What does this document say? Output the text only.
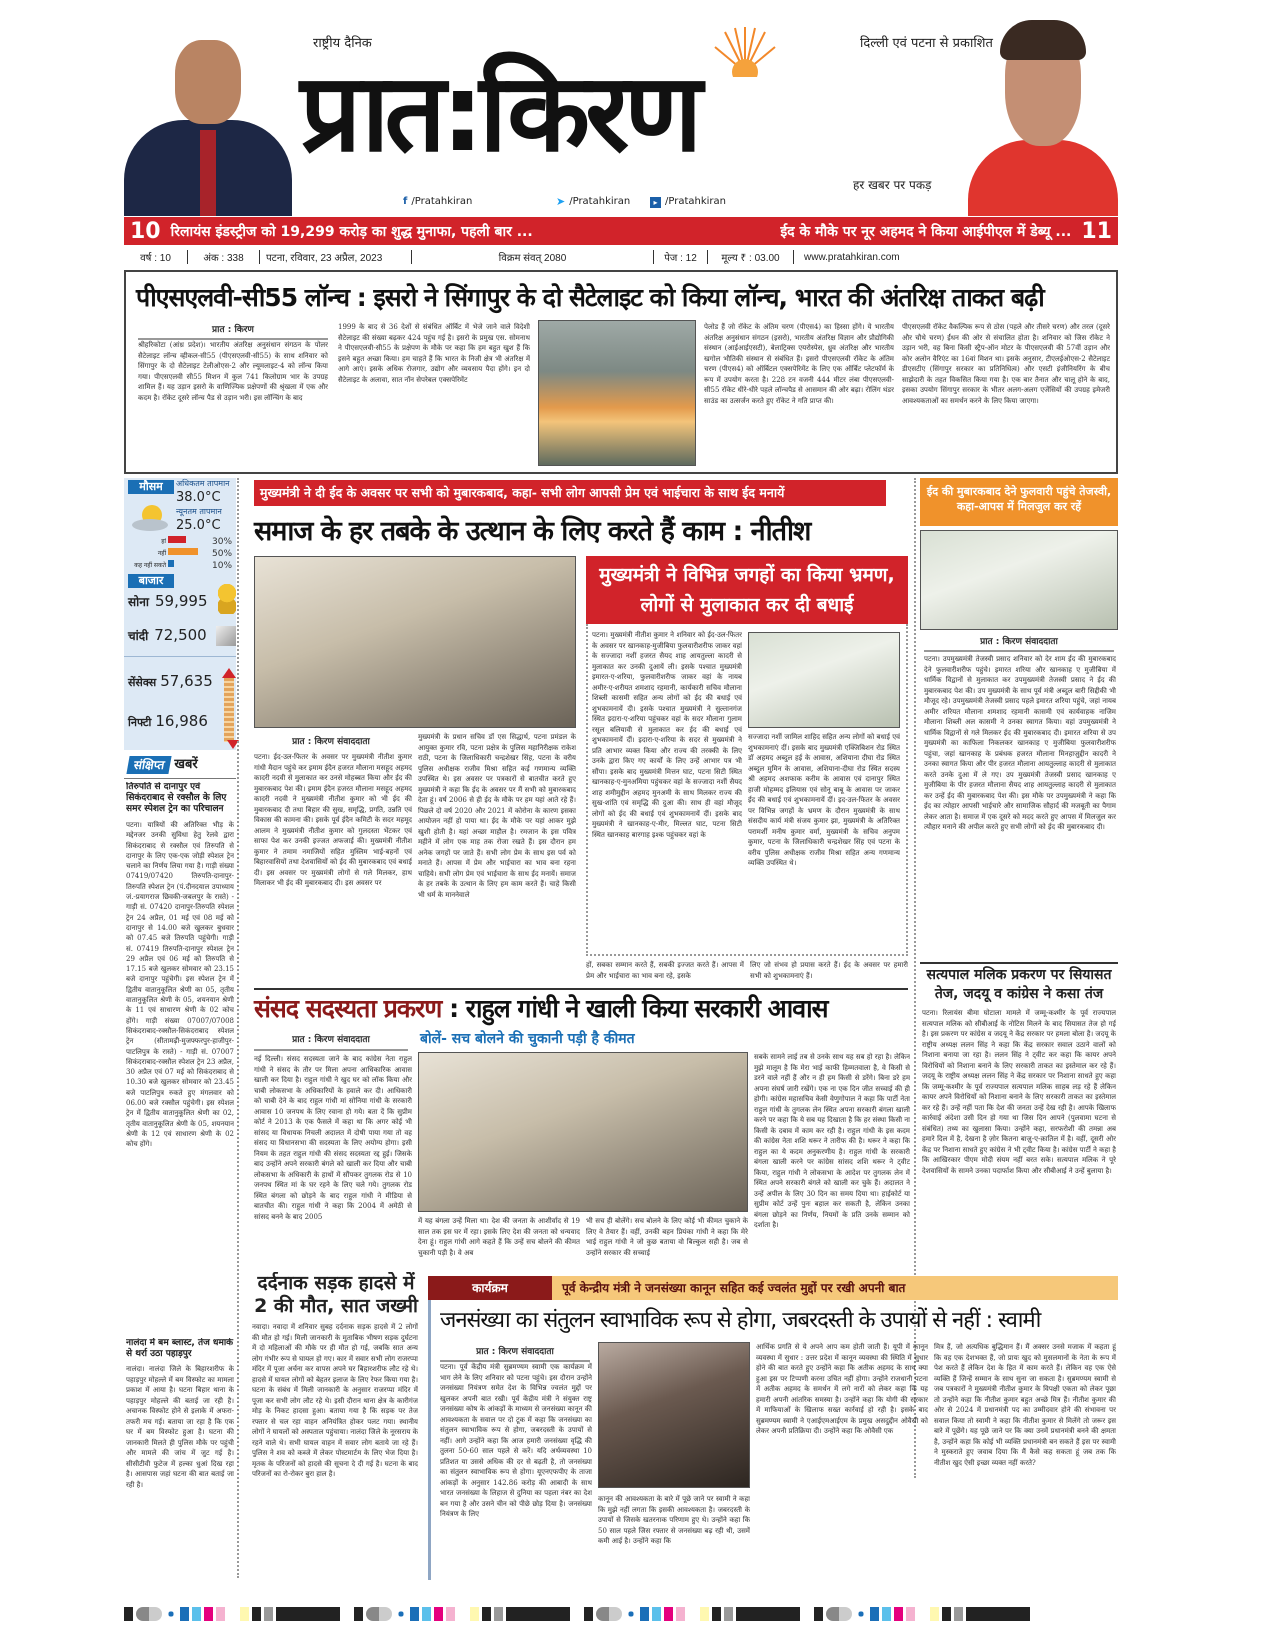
राष्ट्रीय दैनिक	दिल्ली एवं पटना से प्रकाशित
प्रात:किरण
हर खबर पर पकड़
f /Pratahkiran	➤ /Pratahkiran	▸ /Pratahkiran
10 रिलायंस इंडस्ट्रीज को 19,299 करोड़ का शुद्ध मुनाफा, पहली बार ...	ईद के मौके पर नूर अहमद ने किया आईपीएल में डेब्यू ... 11
वर्ष : 10	अंक : 338	पटना, रविवार, 23 अप्रैल, 2023	विक्रम संवत् 2080	पेज : 12	मूल्य ₹ : 03.00	www.pratahkiran.com
पीएसएलवी-सी55 लॉन्च : इसरो ने सिंगापुर के दो सैटेलाइट को किया लॉन्च, भारत की अंतरिक्ष ताकत बढ़ी
प्रात : किरण
श्रीहरिकोटा (आंध्र प्रदेश)। भारतीय अंतरिक्ष अनुसंधान संगठन के पोलर सैटेलाइट लॉन्च व्हीकल-सी55 (पीएसएलवी-सी55) के साथ शनिवार को सिंगापुर के दो सैटेलाइट टेलीओएस-2 और ल्यूमलाइट-4 को लॉन्च किया गया। पीएसएलवी सी55 मिशन में कुल 741 किलोग्राम भार के उपग्रह शामिल हैं। यह उड़ान इसरो के वाणिज्यिक प्रक्षेपणों की श्रृंखला में एक और कदम है। रॉकेट दूसरे लॉन्च पैड से उड़ान भरी। इस लॉन्चिंग के बाद
1999 के बाद से 36 देशों से संबंधित ऑर्बिट में भेजे जाने वाले विदेशी सैटेलाइट की संख्या बढ़कर 424 पहुंच गई है। इसरो के प्रमुख एस. सोमनाथ ने पीएसएलवी-सी55 के प्रक्षेपण के मौके पर कहा कि हम बहुत खुश हैं कि इसने बहुत अच्छा किया। हम चाहते हैं कि भारत के निजी क्षेत्र भी अंतरिक्ष में आगे आएं। इसके अधिक रोजगार, उद्योग और व्यवसाय पैदा होंगे। इन दो सैटेलाइट के अलावा, सात नॉन सेपरेबल एक्सपेरिमेंट
पेलोड हैं जो रॉकेट के अंतिम चरण (पीएस4) का हिस्सा होंगे। ये भारतीय अंतरिक्ष अनुसंधान संगठन (इसरो), भारतीय अंतरिक्ष विज्ञान और प्रौद्योगिकी संस्थान (आईआईएसटी), बेलाट्रिक्स एयरोस्पेस, ध्रुव अंतरिक्ष और भारतीय खगोल भौतिकी संस्थान से संबंधित हैं। इसरो पीएसएलवी रॉकेट के अंतिम चरण (पीएस4) को ऑर्बिटल एक्सपेरिमेंट के लिए एक ऑर्बिट प्लेटफॉर्म के रूप में उपयोग करता है। 228 टन वजनी 444 मीटर लंबा पीएसएलवी-सी55 रॉकेट धीरे-धीरे पहले लॉन्चपैड से आसमान की ओर बढ़ा। रोलिंग थंडर साउंड का उत्सर्जन करते हुए रॉकेट ने गति प्राप्त की।
पीएसएलवी रॉकेट वैकल्पिक रूप से ठोस (पहले और तीसरे चरण) और तरल (दूसरे और चौथे चरण) ईंधन की ओर से संचालित होता है। शनिवार को जिस रॉकेट ने उड़ान भरी, वह बिना किसी स्ट्रैप-ऑन मोटर के पीएसएलवी की 57वीं उड़ान और कोर अलोन वैरिएंट का 16वां मिशन था। इसके अनुसार, टीएलईओएस-2 सैटेलाइट डीएसटीए (सिंगापुर सरकार का प्रतिनिधित्व) और एसटी इंजीनियरिंग के बीच साझेदारी के तहत विकसित किया गया है। एक बार तैनात और चालू होने के बाद, इसका उपयोग सिंगापुर सरकार के भीतर अलग-अलग एजेंसियों की उपग्रह इमेजरी आवश्यकताओं का समर्थन करने के लिए किया जाएगा।
मौसम	अधिकतम तापमान
38.0°C
न्यूनतम तापमान
25.0°C
हां	30%
नहीं	50%
कह नहीं सकते	10%
बाजार
सोना 59,995
चांदी 72,500
सेंसेक्स 57,635
निफ्टी 16,986
संक्षिप्त खबरें
तिरुपति से दानापुर एवं सिकंदराबाद से रक्सौल के लिए समर स्पेशल ट्रेन का परिचालन
पटना। यात्रियों की अतिरिक्त भीड़ के मद्देनजर उनकी सुविधा हेतु रेलवे द्वारा सिकंदराबाद से रक्सौल एवं तिरुपति से दानापुर के लिए एक-एक जोड़ी स्पेशल ट्रेन चलाने का निर्णय लिया गया है। गाड़ी संख्या 07419/07420 तिरुपति-दानापुर-तिरुपति स्पेशल ट्रेन (पं.दीनदयाल उपाध्याय जं.-प्रयागराज छिवकी-जबलपुर के रास्ते) - गाड़ी सं. 07420 दानापुर-तिरुपति स्पेशल ट्रेन 24 अप्रैल, 01 मई एवं 08 मई को दानापुर से 14.00 बजे खुलकर बुधवार को 07.45 बजे तिरुपति पहुंचेगी। गाड़ी सं. 07419 तिरुपति-दानापुर स्पेशल ट्रेन 29 अप्रैल एवं 06 मई को तिरुपति से 17.15 बजे खुलकर सोमवार को 23.15 बजे दानापुर पहुंचेगी। इस स्पेशल ट्रेन में द्वितीय वातानुकूलित श्रेणी का 05, तृतीय वातानुकूलित श्रेणी के 05, शयनयान श्रेणी के 11 एवं साधारण श्रेणी के 02 कोच होंगे। गाड़ी संख्या 07007/07008 सिकंदराबाद-रक्सौल-सिकंदराबाद स्पेशल ट्रेन (सीतामढ़ी-मुजफ्फरपुर-हाजीपुर-पाटलिपुत्र के रास्ते) - गाड़ी सं. 07007 सिकंदराबाद-रक्सौल स्पेशल ट्रेन 23 अप्रैल, 30 अप्रैल एवं 07 मई को सिकंदराबाद से 10.30 बजे खुलकर सोमवार को 23.45 बजे पाटलिपुत्र रुकते हुए मंगलवार को 06.00 बजे रक्सौल पहुंचेगी। इस स्पेशल ट्रेन में द्वितीय वातानुकूलित श्रेणी का 02, तृतीय वातानुकूलित श्रेणी के 05, शयनयान श्रेणी के 12 एवं साधारण श्रेणी के 02 कोच होंगे।
नालंदा में बम ब्लास्ट, तेज धमाके से थर्रा उठा पहाड़पुर
नालंदा। नालंदा जिले के बिहारशरीफ के पहाड़पुर मोहल्ले में बम विस्फोट का मामला प्रकाश में आया है। घटना बिहार थाना के पहाड़पुर मोहल्ले की बताई जा रही है। अचानक विस्फोट होने से इलाके में अफरा-तफरी मच गई। बताया जा रहा है कि एक घर में बम विस्फोट हुआ है। घटना की जानकारी मिलते ही पुलिस मौके पर पहुंची और मामले की जांच में जुट गई है। सीसीटीवी फुटेज में हल्का धुआं दिख रहा है। आसपास जहां घटना की बात बताई जा रही है।
मुख्यमंत्री ने दी ईद के अवसर पर सभी को मुबारकबाद, कहा- सभी लोग आपसी प्रेम एवं भाईचारा के साथ ईद मनायें
समाज के हर तबके के उत्थान के लिए करते हैं काम : नीतीश
प्रात : किरण संवाददाता
पटना। ईद-उल-फितर के अवसर पर मुख्यमंत्री नीतीश कुमार गांधी मैदान पहुंचे कर इमाम ईदैन हजरत मौलाना मसहूद अहमद कादरी नदवी से मुलाकात कर उनसे मोहब्बत किया और ईद की मुबारकबाद पेश की। इमाम ईदैन हजरत मौलाना मसहूद अहमद कादरी नदवी ने मुख्यमंत्री नीतीश कुमार को भी ईद की मुबारकबाद दी तथा बिहार की सुख, समृद्धि, प्रगति, उन्नति एवं विकास की कामना की। इसके पूर्व ईदैन कमिटी के सदर महमूद आलम ने मुख्यमंत्री नीतीश कुमार को गुलदस्ता भेंटकर एवं साफा पेश कर उनकी इज्जत अफजाई की। मुख्यमंत्री नीतीश कुमार ने तमाम नमाजियों सहित मुस्लिम भाई-बहनों एवं बिहारवासियों तथा देशवासियों को ईद की मुबारकबाद एवं बधाई दी। इस अवसर पर मुख्यमंत्री लोगों से गले मिलकर, हाथ मिलाकर भी ईद की मुबारकबाद दी। इस अवसर पर
मुख्यमंत्री के प्रधान सचिव डॉ एस सिद्धार्थ, पटना प्रमंडल के आयुक्त कुमार रवि, पटना प्रक्षेत्र के पुलिस महानिरीक्षक राकेश राठी, पटना के जिलाधिकारी चन्द्रशेखर सिंह, पटना के वरीय पुलिस अधीक्षक राजीव मिश्रा सहित कई गणमान्य व्यक्ति उपस्थित थे। इस अवसर पर पत्रकारों से बातचीत करते हुए मुख्यमंत्री ने कहा कि ईद के अवसर पर मैं सभी को मुबारकबाद देता हूं। वर्ष 2006 से ही ईद के मौके पर हम यहां आते रहे हैं। पिछले दो वर्ष 2020 और 2021 में कोरोना के कारण इसका आयोजन नहीं हो पाया था। ईद के मौके पर यहां आकर मुझे खुशी होती है। यहां अच्छा माहौल है। रमजान के इस पवित्र महीने में लोग एक माह तक रोजा रखते हैं। इस दौरान हम अनेक जगहों पर जाते हैं। सभी लोग प्रेम के साथ इस पर्व को मनाते हैं। आपस में प्रेम और भाईचारा का भाव बना रहना चाहिये। सभी लोग प्रेम एवं भाईचारा के साथ ईद मनायें। समाज के हर तबके के उत्थान के लिए हम काम करते हैं। चाहे किसी भी धर्म के माननेवाले
मुख्यमंत्री ने विभिन्न जगहों का किया भ्रमण, लोगों से मुलाकात कर दी बधाई
पटना। मुख्यमंत्री नीतीश कुमार ने शनिवार को ईद-उल-फितर के अवसर पर खानकाह-मुजीबिया फुलवारीशरीफ जाकर वहां के सज्जादा नशीं हजरत सैयद शाह आयतुल्ला कादरी से मुलाकात कर उनकी दुआयें ली। इसके पश्चात मुख्यमंत्री इमारत-ए-शरिया, फुलवारीशरीफ जाकर वहां के नायब अमीर-ए-शरीयत शमशाद रहमानी, कार्यकारी सचिव मौलाना शिब्ली कासमी सहित अन्य लोगों को ईद की बधाई एवं शुभकामनायें दी। इसके पश्चात मुख्यमंत्री ने सुल्तानगंज स्थित इदारा-ए-शरिया पहुंचकर वहां के सदर मौलाना गुलाम रसूल बलियावी से मुलाकात कर ईद की बधाई एवं शुभकामनायें दीं। इदारा-ए-शरिया के सदर से मुख्यमंत्री ने प्रति आभार व्यक्त किया और राज्य की तरक्की के लिए उनके द्वारा किए गए कार्यों के लिए उन्हें आभार पत्र भी सौंपा। इसके बाद मुख्यमंत्री मित्तन घाट, पटना सिटी स्थित खानकाह-ए-मुनअमिया पहुंचकर वहां के सज्जादा नशीं सैयद शाह शमीमुद्दीन अहमद मुनअमी के साथ मिलकर राज्य की सुख-शांति एवं समृद्धि की दुआ की। साथ ही वहां मौजूद लोगों को ईद की बधाई एवं शुभकामनायें दीं। इसके बाद मुख्यमंत्री ने खानकाह-ए-मीर, मिल्लत घाट, पटना सिटी स्थित खानकाह बारगाह इश्क पहुंचकर वहां के
सज्जादा नशीं जामिल शाहिद सहित अन्य लोगों को बधाई एवं शुभकामनाएं दीं। इसके बाद मुख्यमंत्री एक्जिबिशन रोड स्थित डॉ अहमद अब्दुल हई के आवास, अशियाना दीघा रोड स्थित अब्दुल मुमिन के आवास, अशियाना-दीघा रोड स्थित सदस्य श्री अहमद अशफाक करीम के आवास एवं दानापुर स्थित हाजी मोहम्मद इलियास एवं सोनू बाबू के आवास पर जाकर ईद की बधाई एवं शुभकामनायें दीं। इद-उल-फितर के अवसर पर विभिन्न जगहों के भ्रमण के दौरान मुख्यमंत्री के साथ संसदीय कार्य मंत्री संजय कुमार झा, मुख्यमंत्री के अतिरिक्त परामर्शी मनीष कुमार वर्मा, मुख्यमंत्री के सचिव अनुपम कुमार, पटना के जिलाधिकारी चन्द्रशेखर सिंह एवं पटना के वरीय पुलिस अधीक्षक राजीव मिश्रा सहित अन्य गणमान्य व्यक्ति उपस्थित थे।
हों, सबका सम्मान करते हैं, सबकी इज्जत करते हैं। आपस में प्रेम और भाईचारा का भाव बना रहे, इसके
लिए जो संभव हो प्रयास करते हैं। ईद के अवसर पर हमारी सभी को शुभकामनाएं हैं।
ईद की मुबारकबाद देने फुलवारी पहुंचे तेजस्वी, कहा-आपस में मिलजुल कर रहें
प्रात : किरण संवाददाता
पटना। उपमुख्यमंत्री तेजस्वी प्रसाद शनिवार को देर शाम ईद की मुबारकबाद देने फुलवारीशरीफ पहुंचे। इमारत शरिया और खानकाह ए मुजीबिया में धार्मिक विद्वानों से मुलाकात कर उपमुख्यमंत्री तेजस्वी प्रसाद ने ईद की मुबारकबाद पेश की। उप मुख्यमंत्री के साथ पूर्व मंत्री अब्दुल बारी सिद्दीकी भी मौजूद रहे। उपमुख्यमंत्री तेजस्वी प्रसाद पहले इमारत शरिया पहुंचे, जहां नायब अमीर शरियत मौलाना शमशाद रहमानी कासमी एवं कार्यवाहक नाजिम मौलाना शिब्ली अल कासमी ने उनका स्वागत किया। वहां उपमुख्यमंत्री ने धार्मिक विद्वानों से गले मिलकर ईद की मुबारकबाद दी। इमारत शरिया से उप मुख्यमंत्री का काफिला निकलकर खानकाह ए मुजीबिया फुलवारीशरीफ पहुंचा, जहां खानकाह के प्रबंधक हजरत मौलाना मिनहाजुद्दीन कादरी ने उनका स्वागत किया और पीर हजरत मौलाना आयतुल्लाह कादरी से मुलाकात करते उनके दुआ में ले गए। उप मुख्यमंत्री तेजस्वी प्रसाद खानकाह ए मुजीबिया के पीर हजरत मौलाना सैयद शाह आयतुल्लाह कादरी से मुलाकात कर उन्हें ईद की मुबारकबाद पेश की। इस मौके पर उपमुख्यमंत्री ने कहा कि ईद का त्योहार आपसी भाईचारे और सामाजिक सौहार्द की मजबूती का पैगाम लेकर आता है। समाज में एक दूसरे को मदद करते हुए आपस में मिलजुल कर त्यौहार मनाने की अपील करते हुए सभी लोगों को ईद की मुबारकबाद दी।
संसद सदस्यता प्रकरण : राहुल गांधी ने खाली किया सरकारी आवास
बोलें- सच बोलने की चुकानी पड़ी है कीमत
प्रात : किरण संवाददाता
नई दिल्ली। संसद सदस्यता जाने के बाद कांग्रेस नेता राहुल गांधी ने संसद के तौर पर मिला अपना आधिकारिक आवास खाली कर दिया है। राहुल गांधी ने खुद घर को लॉक किया और चाबी लोकसभा के अधिकारियों के हवाले कर दी। आधिकारी को चाबी देने के बाद राहुल गांधी मां सोनिया गांधी के सरकारी आवास 10 जनपथ के लिए रवाना हो गये। बता दें कि सुप्रीम कोर्ट ने 2013 के एक फैसले में कहा था कि अगर कोई भी सांसद या विधायक निचली अदालत में दोषी पाया गया तो वह संसद या विधानसभा की सदस्यता के लिए अयोग्य होगा। इसी नियम के तहत राहुल गांधी की संसद सदस्यता रद्द हुई। जिसके बाद उन्होंने अपने सरकारी बंगले को खाली कर दिया और चाबी लोकसभा के अधिकारी के हाथों में सौंपकर तुगलक रोड से 10 जनपथ स्थित मां के घर रहने के लिए चले गये। तुगलक रोड स्थित बंगला को छोड़ने के बाद राहुल गांधी ने मीडिया से बातचीत की। राहुल गांधी ने कहा कि 2004 में अमेठी से सांसद बनने के बाद 2005
में यह बंगला उन्हें मिला था। देश की जनता के आशीर्वाद से 19 साल तक इस घर में रहा। इसके लिए देश की जनता को धन्यवाद देना हूं। राहुल गांधी आगे कहते हैं कि उन्हें सच बोलने की कीमत चुकानी पड़ी है। वे अब
भी सच ही बोलेंगे। सच बोलने के लिए कोई भी कीमत चुकाने के लिए वे तैयार हैं। वहीं, उनकी बहन प्रियंका गांधी ने कहा कि मेरे भाई राहुल गांधी ने जो कुछ बताया वो बिल्कुल सही है। जब से उन्होंने सरकार की सच्चाई
सबके सामने लाई तब से उनके साथ यह सब हो रहा है। लेकिन मुझे मालूम है कि मेरा भाई काफी हिम्मतवाला है, वे किसी से डरने वाले नहीं हैं और न ही हम किसी से डरेंगे। बिना डरे हम अपना संघर्ष जारी रखेंगे। एक ना एक दिन जीत सच्चाई की ही होगी। कांग्रेस महासचिव केसी वेणुगोपाल ने कहा कि पार्टी नेता राहुल गांधी के तुगलक लेन स्थित अपना सरकारी बंगला खाली करने पर कहा कि ये सब यह दिखाता है कि हर संस्था किसी ना किसी के दबाव में काम कर रही है। राहुल गांधी के इस कदम की कांग्रेस नेता शशि थरूर ने तारीफ की है। थरूर ने कहा कि राहुल का ये कदम अनुकरणीय है। राहुल गांधी के सरकारी बंगला खाली करने पर कांग्रेस सांसद शशि थरूर ने ट्वीट किया, राहुल गांधी ने लोकसभा के आदेश पर तुगलक लेन में स्थित अपने सरकारी बंगले को खाली कर चुके हैं। अदालत ने उन्हें अपील के लिए 30 दिन का समय दिया था। हाईकोर्ट या सुप्रीम कोर्ट उन्हें पुनः बहाल कर सकती है, लेकिन उनका बंगला छोड़ने का निर्णय, नियमों के प्रति उनके सम्मान को दर्शाता है।
सत्यपाल मलिक प्रकरण पर सियासत तेज, जदयू व कांग्रेस ने कसा तंज
पटना। रिलायंस बीमा घोटाला मामले में जम्मू-कश्मीर के पूर्व राज्यपाल सत्यपाल मलिक को सीबीआई के नोटिस मिलने के बाद सियासत तेज हो गई है। इस प्रकरण पर कांग्रेस व जदयू ने केंद्र सरकार पर हमला बोला है। जदयू के राष्ट्रीय अध्यक्ष ललन सिंह ने कहा कि केंद्र सरकार सवाल उठाने वालों को निशाना बनाया जा रहा है। ललन सिंह ने ट्वीट कर कहा कि कायर अपने विरोधियों को निशाना बनाने के लिए सरकारी ताकत का इस्तेमाल कर रहे हैं। जदयू के राष्ट्रीय अध्यक्ष ललन सिंह ने केंद्र सरकार पर निशाना साधते हुए कहा कि जम्मू-कश्मीर के पूर्व राज्यपाल सत्यपाल मलिक साहब लड़ रहे हैं लेकिन कायर अपने विरोधियों को निशाना बनाने के लिए सरकारी ताकत का इस्तेमाल कर रहे हैं। उन्हें नहीं पता कि देश की जनता उन्हें देख रही है। आपके खिलाफ कार्रवाई अंदेशा उसी दिन हो गया था जिस दिन आपने (पुलवामा घटना से संबंधित) तथ्य का खुलासा किया। उन्होंने कहा, सरफरोशी की तमन्ना अब हमारे दिल में है, देखना है ज़ोर कितना बाज़ु-ए-क़ातिल में है। वहीं, दूसरी ओर केंद्र पर निशाना साधते हुए कांग्रेस ने भी ट्वीट किया है। कांग्रेस पार्टी ने कहा है कि आखिरकार पीएम मोदी संयम नहीं बरत सके। सत्यपाल मलिक ने पूरे देशवासियों के सामने उनका पदार्फाश किया और सीबीआई ने उन्हें बुलाया है।
दर्दनाक सड़क हादसे में 2 की मौत, सात जख्मी
नवादा। नवादा में शनिवार सुबह दर्दनाक सड़क हादसे में 2 लोगों की मौत हो गई। मिली जानकारी के मुताबिक भीषण सड़क दुर्घटना में दो महिलाओं की मौके पर ही मौत हो गई, जबकि सात अन्य लोग गंभीर रूप से घायल हो गए। कार में सवार सभी लोग राजरप्पा मंदिर में पूजा अर्चना कर वापस अपने घर बिहारशरीफ लौट रहे थे। हादसे में घायल लोगों को बेहतर इलाज के लिए रेफर किया गया है। घटना के संबंध में मिली जानकारी के अनुसार राजरप्पा मंदिर में पूजा कर सभी लोग लौट रहे थे। इसी दौरान थाना क्षेत्र के कारीगंज मोड़ के निकट हादसा हुआ। बताया गया है कि सड़क पर तेज रफ्तार से चल रहा वाहन अनियंत्रित होकर पलट गया। स्थानीय लोगों ने घायलों को अस्पताल पहुंचाया। नालंदा जिले के नूरसराय के रहने वाले थे। सभी घायल वाहन में सवार लोग बताये जा रहे हैं। पुलिस ने शव को कब्जे में लेकर पोस्टमार्टम के लिए भेज दिया है। मृतक के परिजनों को हादसे की सूचना दे दी गई है। घटना के बाद परिजनों का रो-रोकर बुरा हाल है।
कार्यक्रम	पूर्व केन्द्रीय मंत्री ने जनसंख्या कानून सहित कई ज्वलंत मुद्दों पर रखी अपनी बात
जनसंख्या का संतुलन स्वाभाविक रूप से होगा, जबरदस्ती के उपायों से नहीं : स्वामी
प्रात : किरण संवाददाता
पटना। पूर्व केंद्रीय मंत्री सुब्रमण्यम स्वामी एक कार्यक्रम में भाग लेने के लिए शनिवार को पटना पहुंचे। इस दौरान उन्होंने जनसंख्या नियंत्रण समेत देश के विभिन्न ज्वलंत मुद्दों पर खुलकर अपनी बात रखी। पूर्व केंद्रीय मंत्री ने संयुक्त राष्ट्र जनसंख्या कोष के आंकड़ों के माध्यम से जनसंख्या कानून की आवश्यकता के सवाल पर दो टूक में कहा कि जनसंख्या का संतुलन स्वाभाविक रूप से होगा, जबरदस्ती के उपायों से नहीं। आगे उन्होंने कहा कि आज हमारी जनसंख्या वृद्धि की तुलना 50-60 साल पहले से करें। यदि अर्थव्यवस्था 10 प्रतिशत या उससे अधिक की दर से बढ़ती है, तो जनसंख्या का संतुलन स्वाभाविक रूप से होगा। यूएनएफपीए के ताजा आंकड़ों के अनुसार 142.86 करोड़ की आबादी के साथ भारत जनसंख्या के लिहाज से दुनिया का पहला नंबर का देश बन गया है और उसने चीन को पीछे छोड़ दिया है। जनसंख्या नियंत्रण के लिए
कानून की आवश्यकता के बारे में पूछे जाने पर स्वामी ने कहा कि मुझे नहीं लगता कि इसकी आवश्यकता है। जबरदस्ती के उपायों से जिसके खतरनाक परिणाम हुए थे। उन्होंने कहा कि 50 साल पहले जिस रफ्तार से जनसंख्या बढ़ रही थी, उसमें कमी आई है। उन्होंने कहा कि
आर्थिक प्रगति से ये अपने आप कम होती जाती हैं। यूपी में कानून व्यवस्था में सुधार : उत्तर प्रदेश में कानून व्यवस्था की स्थिति में सुधार होने की बात करते हुए उन्होंने कहा कि अतीक अहमद के साथ क्या हुआ इस पर टिप्पणी करना उचित नहीं होगा। उन्होंने राजधानी पटना में अतीक अहमद के समर्थन में लगे नारों को लेकर कहा कि यह हमारी अपनी आंतरिक समस्या है। उन्होंने कहा कि योगी की सरकार में माफियाओं के खिलाफ सख्त कार्रवाई हो रही है। इसके बाद सुब्रमण्यम स्वामी ने एआईएमआईएम के प्रमुख असदुद्दीन ओवैसी को लेकर अपनी प्रतिक्रिया दी। उन्होंने कहा कि ओवैसी एक
मित्र हैं, जो अत्यधिक बुद्धिमान हैं। मैं अक्सर उनसे मजाक में कहता हूं कि वह एक देशभक्त हैं, जो प्रायः खुद को मुसलमानों के नेता के रूप में पेश करते हैं लेकिन देश के हित में काम करते हैं। लेकिन वह एक ऐसे व्यक्ति हैं जिन्हें सम्मान के साथ सुना जा सकता है। सुब्रमण्यम स्वामी से जब पत्रकारों ने मुख्यमंत्री नीतीश कुमार के विपक्षी एकता को लेकर पूछा तो उन्होंने कहा कि नीतीश कुमार बहुत अच्छे मित्र हैं। नीतीश कुमार की ओर से 2024 में प्रधानमंत्री पद का उम्मीदवार होने की संभावना पर सवाल किया तो स्वामी ने कहा कि नीतीश कुमार से मिलेंगे तो जरूर इस बारे में पूछेंगे। यह पूछे जाने पर कि क्या उनमें प्रधानमंत्री बनने की क्षमता है, उन्होंने कहा कि कोई भी व्यक्ति प्रधानमंत्री बन सकते हैं इस पर स्वामी ने मुस्कराते हुए जवाब दिया कि मैं कैसे कह सकता हूं जब तक कि नीतीश खुद ऐसी इच्छा व्यक्त नहीं करते?
